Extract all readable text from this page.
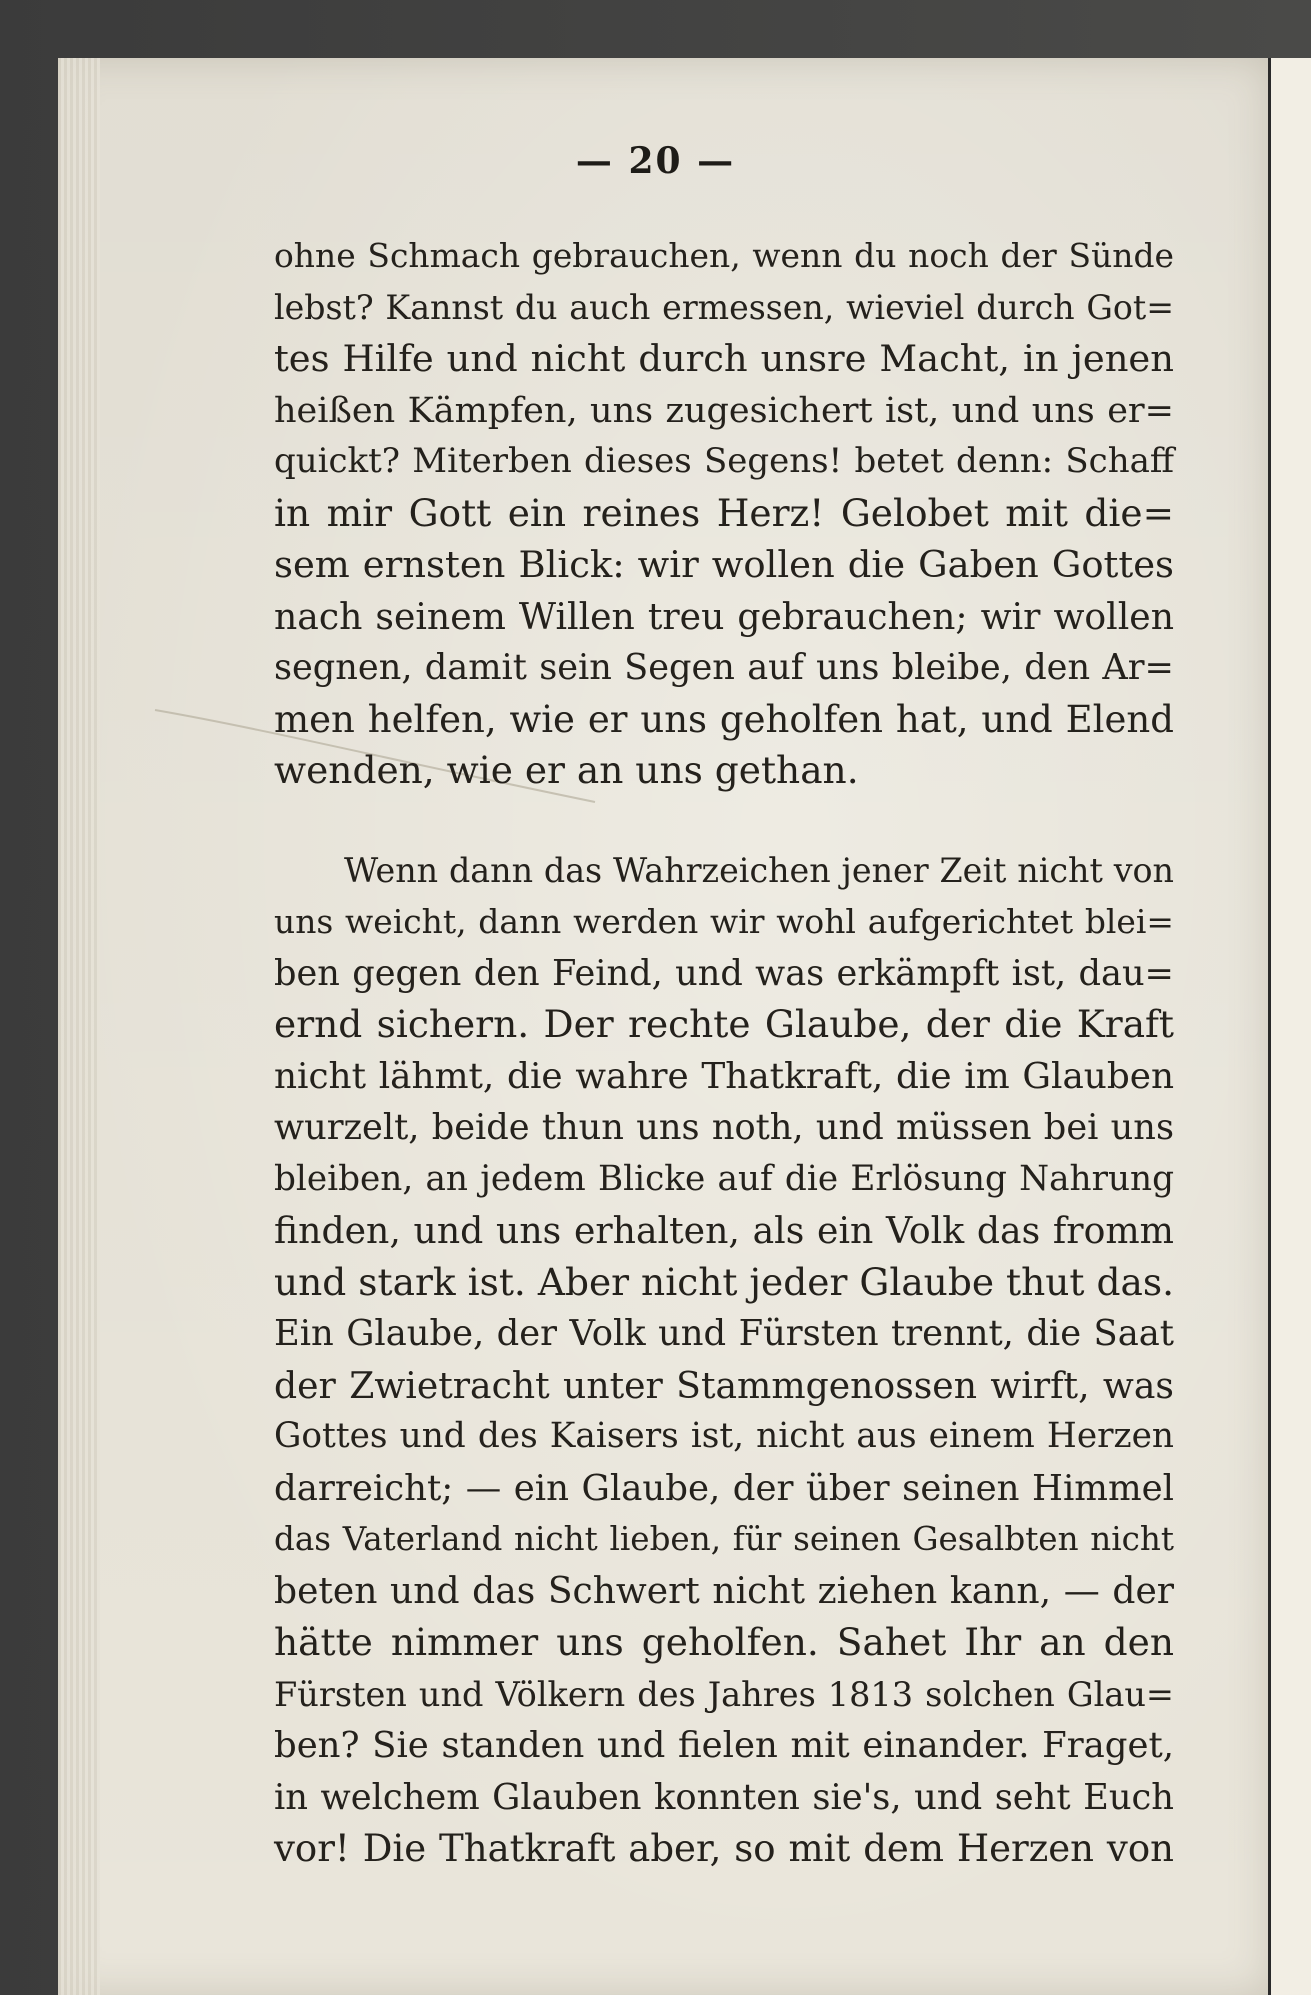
— 20 —
ohne Schmach gebrauchen, wenn du noch der Sünde
lebst? Kannst du auch ermessen, wieviel durch Got=
tes Hilfe und nicht durch unsre Macht, in jenen
heißen Kämpfen, uns zugesichert ist, und uns er=
quickt? Miterben dieses Segens! betet denn: Schaff
in mir Gott ein reines Herz! Gelobet mit die=
sem ernsten Blick: wir wollen die Gaben Gottes
nach seinem Willen treu gebrauchen; wir wollen
segnen, damit sein Segen auf uns bleibe, den Ar=
men helfen, wie er uns geholfen hat, und Elend
wenden, wie er an uns gethan.
Wenn dann das Wahrzeichen jener Zeit nicht von
uns weicht, dann werden wir wohl aufgerichtet blei=
ben gegen den Feind, und was erkämpft ist, dau=
ernd sichern. Der rechte Glaube, der die Kraft
nicht lähmt, die wahre Thatkraft, die im Glauben
wurzelt, beide thun uns noth, und müssen bei uns
bleiben, an jedem Blicke auf die Erlösung Nahrung
finden, und uns erhalten, als ein Volk das fromm
und stark ist. Aber nicht jeder Glaube thut das.
Ein Glaube, der Volk und Fürsten trennt, die Saat
der Zwietracht unter Stammgenossen wirft, was
Gottes und des Kaisers ist, nicht aus einem Herzen
darreicht; — ein Glaube, der über seinen Himmel
das Vaterland nicht lieben, für seinen Gesalbten nicht
beten und das Schwert nicht ziehen kann, — der
hätte nimmer uns geholfen. Sahet Ihr an den
Fürsten und Völkern des Jahres 1813 solchen Glau=
ben? Sie standen und fielen mit einander. Fraget,
in welchem Glauben konnten sie's, und seht Euch
vor! Die Thatkraft aber, so mit dem Herzen von
